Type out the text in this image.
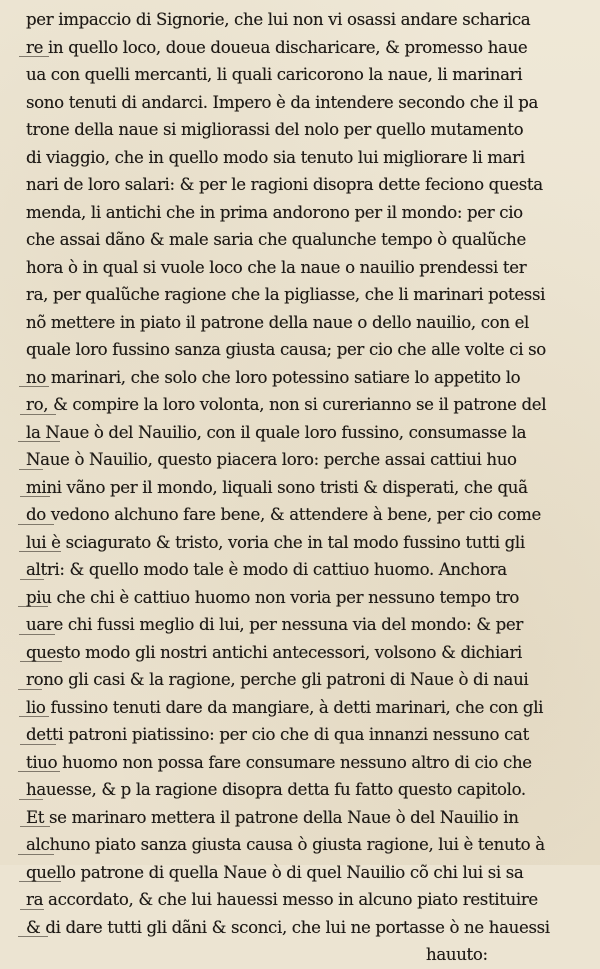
per impaccio di Signorie, che lui non vi osassi andare scharica
re in quello loco, doue doueua discharicare, & promesso haue
ua con quelli mercanti, li quali caricorono la naue, li marinari
sono tenuti di andarci. Impero è da intendere secondo che il pa
trone della naue si migliorassi del nolo per quello mutamento
di viaggio, che in quello modo sia tenuto lui migliorare li mari
nari de loro salari: & per le ragioni disopra dette feciono questa
menda, li antichi che in prima andorono per il mondo: per cio
che assai dãno & male saria che qualunche tempo ò qualũche
hora ò in qual si vuole loco che la naue o nauilio prendessi ter
ra, per qualũche ragione che la pigliasse, che li marinari potessi
nõ mettere in piato il patrone della naue o dello nauilio, con el
quale loro fussino sanza giusta causa; per cio che alle volte ci so
no marinari, che solo che loro potessino satiare lo appetito lo
ro, & compire la loro volonta, non si curerianno se il patrone del
la Naue ò del Nauilio, con il quale loro fussino, consumasse la
Naue ò Nauilio, questo piacera loro: perche assai cattiui huo
mini vãno per il mondo, liquali sono tristi & disperati, che quã
do vedono alchuno fare bene, & attendere à bene, per cio come
lui è sciagurato & tristo, voria che in tal modo fussino tutti gli
altri: & quello modo tale è modo di cattiuo huomo. Anchora
piu che chi è cattiuo huomo non voria per nessuno tempo tro
uare chi fussi meglio di lui, per nessuna via del mondo: & per
questo modo gli nostri antichi antecessori, volsono & dichiari
rono gli casi & la ragione, perche gli patroni di Naue ò di naui
lio fussino tenuti dare da mangiare, à detti marinari, che con gli
detti patroni piatissino: per cio che di qua innanzi nessuno cat
tiuo huomo non possa fare consumare nessuno altro di cio che
hauesse, & p la ragione disopra detta fu fatto questo capitolo.
Et se marinaro mettera il patrone della Naue ò del Nauilio in
alchuno piato sanza giusta causa ò giusta ragione, lui è tenuto à
quello patrone di quella Naue ò di quel Nauilio cõ chi lui si sa
ra accordato, & che lui hauessi messo in alcuno piato restituire
& di dare tutti gli dãni & sconci, che lui ne portasse ò ne hauessi
hauuto:
